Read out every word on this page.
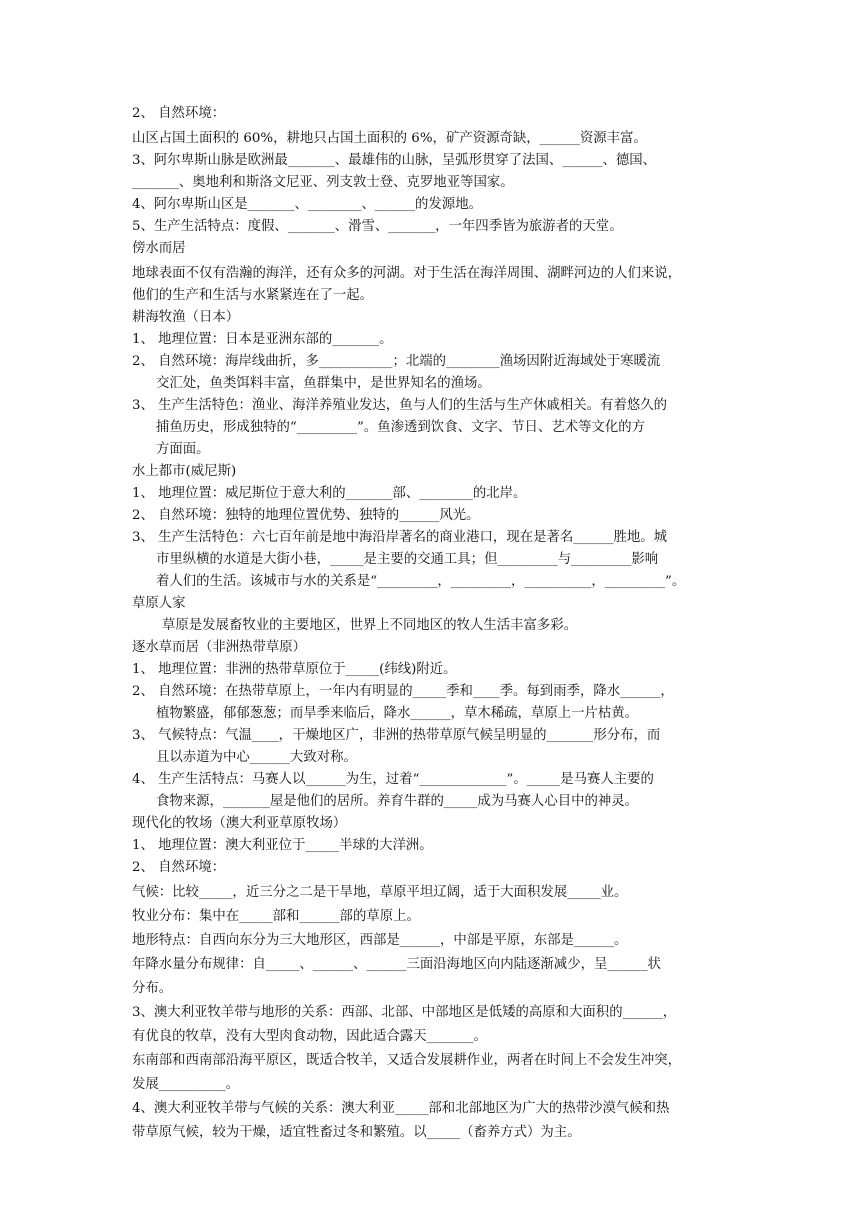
2、 自然环境：
山区占国土面积的 60%，耕地只占国土面积的 6%，矿产资源奇缺，______资源丰富。
3、阿尔卑斯山脉是欧洲最_______、最雄伟的山脉，呈弧形贯穿了法国、______、德国、
_______、奥地利和斯洛文尼亚、列支敦士登、克罗地亚等国家。
4、阿尔卑斯山区是_______、________、______的发源地。
5、生产生活特点：度假、_______、滑雪、_______，一年四季皆为旅游者的天堂。
傍水而居
地球表面不仅有浩瀚的海洋，还有众多的河湖。对于生活在海洋周围、湖畔河边的人们来说，
他们的生产和生活与水紧紧连在了一起。
耕海牧渔（日本）
1、 地理位置：日本是亚洲东部的_______。
2、 自然环境：海岸线曲折，多___________；北端的________渔场因附近海域处于寒暖流
交汇处，鱼类饵料丰富，鱼群集中，是世界知名的渔场。
3、 生产生活特色：渔业、海洋养殖业发达，鱼与人们的生活与生产休戚相关。有着悠久的
捕鱼历史，形成独特的“_________”。鱼渗透到饮食、文字、节日、艺术等文化的方
方面面。
水上都市(威尼斯)
1、 地理位置：威尼斯位于意大利的_______部、________的北岸。
2、 自然环境：独特的地理位置优势、独特的______风光。
3、 生产生活特色：六七百年前是地中海沿岸著名的商业港口，现在是著名______胜地。城
市里纵横的水道是大街小巷，_____是主要的交通工具；但_________与_________影响
着人们的生活。该城市与水的关系是“_________，_________，__________，_________”。
草原人家
草原是发展畜牧业的主要地区，世界上不同地区的牧人生活丰富多彩。
逐水草而居（非洲热带草原）
1、 地理位置：非洲的热带草原位于_____(纬线)附近。
2、 自然环境：在热带草原上，一年内有明显的_____季和____季。每到雨季，降水______，
植物繁盛，郁郁葱葱；而旱季来临后，降水______，草木稀疏，草原上一片枯黄。
3、 气候特点：气温____，干燥地区广，非洲的热带草原气候呈明显的_______形分布，而
且以赤道为中心______大致对称。
4、 生产生活特点：马赛人以______为生，过着“_____________”。_____是马赛人主要的
食物来源，_______屋是他们的居所。养育牛群的_____成为马赛人心目中的神灵。
现代化的牧场（澳大利亚草原牧场）
1、 地理位置：澳大利亚位于_____半球的大洋洲。
2、 自然环境：
气候：比较_____，近三分之二是干旱地，草原平坦辽阔，适于大面积发展_____业。
牧业分布：集中在_____部和______部的草原上。
地形特点：自西向东分为三大地形区，西部是______，中部是平原，东部是______。
年降水量分布规律：自_____、______、______三面沿海地区向内陆逐渐减少，呈______状
分布。
3、澳大利亚牧羊带与地形的关系：西部、北部、中部地区是低矮的高原和大面积的______，
有优良的牧草，没有大型肉食动物，因此适合露天_______。
东南部和西南部沿海平原区，既适合牧羊，又适合发展耕作业，两者在时间上不会发生冲突，
发展__________。
4、澳大利亚牧羊带与气候的关系：澳大利亚_____部和北部地区为广大的热带沙漠气候和热
带草原气候，较为干燥，适宜牲畜过冬和繁殖。以_____（畜养方式）为主。
